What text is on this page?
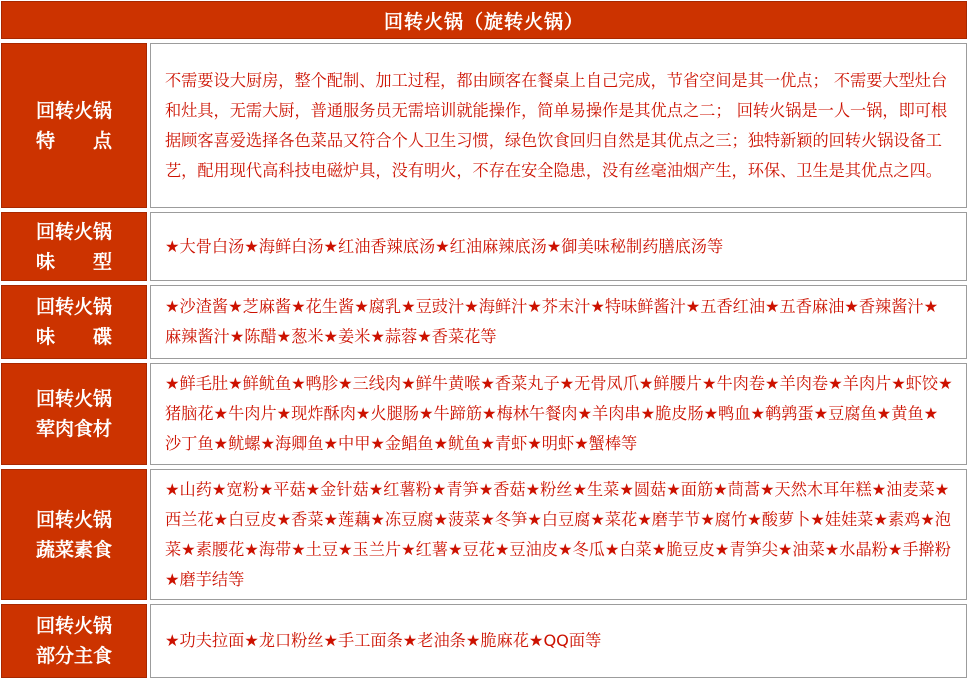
回转火锅（旋转火锅）
回转火锅
特　　点
不需要设大厨房，整个配制、加工过程，都由顾客在餐桌上自己完成，节省空间是其一优点； 不需要大型灶台和灶具，无需大厨，普通服务员无需培训就能操作，简单易操作是其优点之二； 回转火锅是一人一锅，即可根据顾客喜爱选择各色菜品又符合个人卫生习惯，绿色饮食回归自然是其优点之三；独特新颖的回转火锅设备工艺，配用现代高科技电磁炉具，没有明火，不存在安全隐患，没有丝毫油烟产生，环保、卫生是其优点之四。
回转火锅
味　　型
★大骨白汤★海鲜白汤★红油香辣底汤★红油麻辣底汤★御美味秘制药膳底汤等
回转火锅
味　　碟
★沙渣酱★芝麻酱★花生酱★腐乳★豆豉汁★海鲜汁★芥末汁★特味鲜酱汁★五香红油★五香麻油★香辣酱汁★麻辣酱汁★陈醋★葱米★姜米★蒜蓉★香菜花等
回转火锅
荤肉食材
★鲜毛肚★鲜鱿鱼★鸭胗★三线肉★鲜牛黄喉★香菜丸子★无骨凤爪★鲜腰片★牛肉卷★羊肉卷★羊肉片★虾饺★猪脑花★牛肉片★现炸酥肉★火腿肠★牛蹄筋★梅林午餐肉★羊肉串★脆皮肠★鸭血★鹌鹑蛋★豆腐鱼★黄鱼★沙丁鱼★鱿螺★海卿鱼★中甲★金鲳鱼★鱿鱼★青虾★明虾★蟹棒等
回转火锅
蔬菜素食
★山药★宽粉★平菇★金针菇★红薯粉★青笋★香菇★粉丝★生菜★圆菇★面筋★茼蒿★天然木耳年糕★油麦菜★西兰花★白豆皮★香菜★莲藕★冻豆腐★菠菜★冬笋★白豆腐★菜花★磨芋节★腐竹★酸萝卜★娃娃菜★素鸡★泡菜★素腰花★海带★土豆★玉兰片★红薯★豆花★豆油皮★冬瓜★白菜★脆豆皮★青笋尖★油菜★水晶粉★手擀粉★磨芋结等
回转火锅
部分主食
★功夫拉面★龙口粉丝★手工面条★老油条★脆麻花★QQ面等
